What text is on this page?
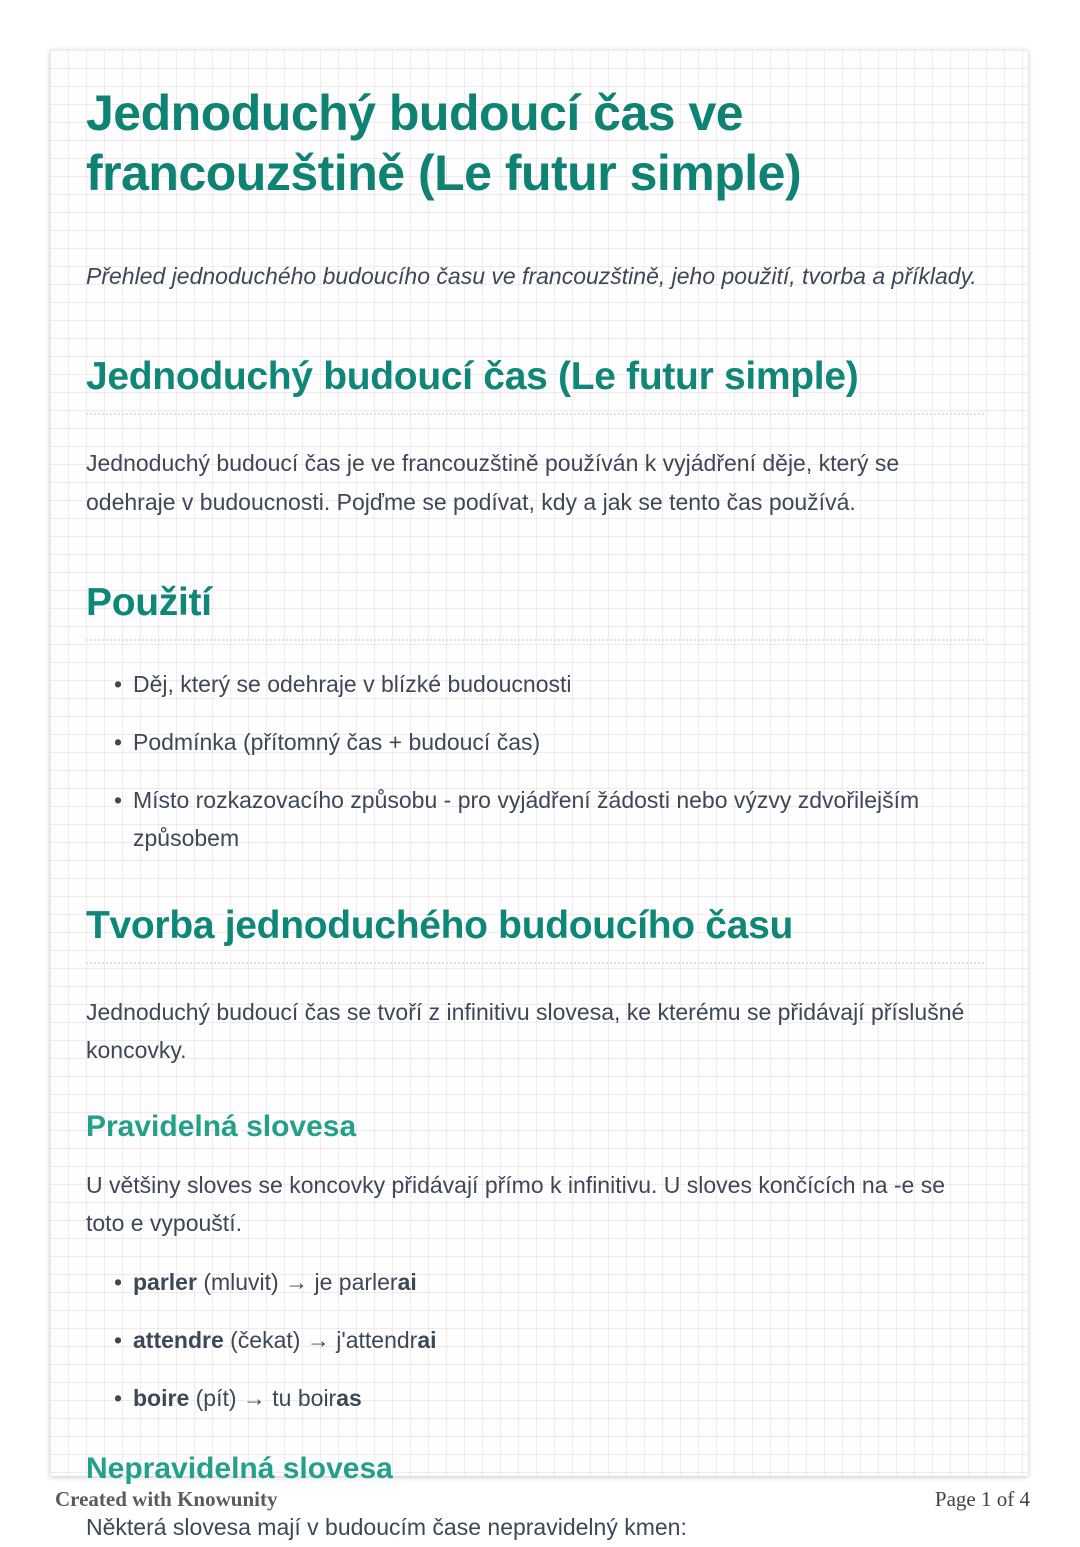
Jednoduchý budoucí čas ve francouzštině (Le futur simple)

Přehled jednoduchého budoucího času ve francouzštině, jeho použití, tvorba a příklady.

Jednoduchý budoucí čas (Le futur simple)

Jednoduchý budoucí čas je ve francouzštině používán k vyjádření děje, který se odehraje v budoucnosti. Pojďme se podívat, kdy a jak se tento čas používá.

Použití
• Děj, který se odehraje v blízké budoucnosti
• Podmínka (přítomný čas + budoucí čas)
• Místo rozkazovacího způsobu - pro vyjádření žádosti nebo výzvy zdvořilejším způsobem
Tvorba jednoduchého budoucího času

Jednoduchý budoucí čas se tvoří z infinitivu slovesa, ke kterému se přidávají příslušné koncovky.

Pravidelná slovesa

U většiny sloves se koncovky přidávají přímo k infinitivu. U sloves končících na -e se toto e vypouští.

• parler (mluvit) → je parlerai
• attendre (čekat) → j'attendrai
• boire (pít) → tu boiras
Nepravidelná slovesa

Některá slovesa mají v budoucím čase nepravidelný kmen:

Created with Knowunity	Page 1 of 4
